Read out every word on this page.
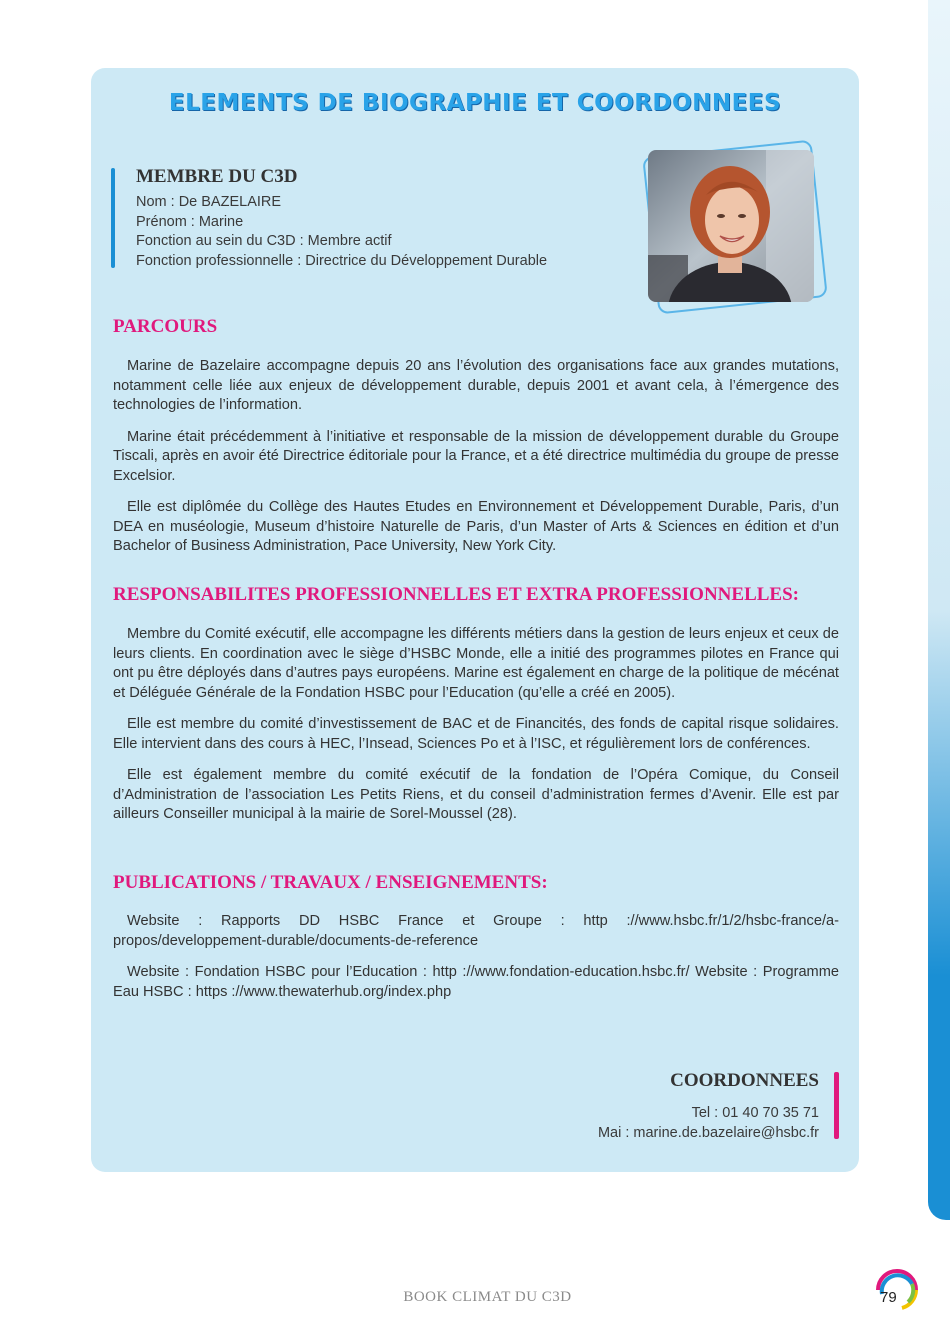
ELEMENTS DE BIOGRAPHIE ET COORDONNEES
MEMBRE DU C3D
Nom : De BAZELAIRE
Prénom : Marine
Fonction au sein du C3D : Membre actif
Fonction professionnelle : Directrice du Développement Durable
PARCOURS

Marine de Bazelaire accompagne depuis 20 ans l’évolution des organisations face aux grandes mutations, notamment celle liée aux enjeux de développement durable, depuis 2001 et avant cela, à l’émergence des technologies de l’information.

Marine était précédemment à l’initiative et responsable de la mission de développement durable du Groupe Tiscali, après en avoir été Directrice éditoriale pour la France, et a été directrice multimédia du groupe de presse Excelsior.

Elle est diplômée du Collège des Hautes Etudes en Environnement et Développement Durable, Paris, d’un DEA en muséologie, Museum d’histoire Naturelle de Paris, d’un Master of Arts & Sciences en édition et d’un Bachelor of Business Administration, Pace University, New York City.

RESPONSABILITES PROFESSIONNELLES ET EXTRA PROFESSIONNELLES:

Membre du Comité exécutif, elle accompagne les différents métiers dans la gestion de leurs enjeux et ceux de leurs clients. En coordination avec le siège d’HSBC Monde, elle a initié des programmes pilotes en France qui ont pu être déployés dans d’autres pays européens. Marine est également en charge de la politique de mécénat et Déléguée Générale de la Fondation HSBC pour l’Education (qu’elle a créé en 2005).

Elle est membre du comité d’investissement de BAC et de Financités, des fonds de capital risque solidaires. Elle intervient dans des cours à HEC, l’Insead, Sciences Po et à l’ISC, et régulièrement lors de conférences.

Elle est également membre du comité exécutif de la fondation de l’Opéra Comique, du Conseil d’Administration de l’association Les Petits Riens, et du conseil d’administration fermes d’Avenir. Elle est par ailleurs Conseiller municipal à la mairie de Sorel-Moussel (28).

PUBLICATIONS / TRAVAUX / ENSEIGNEMENTS:

Website : Rapports DD HSBC France et Groupe : http ://www.hsbc.fr/1/2/hsbc-france/a-propos/developpement-durable/documents-de-reference

Website : Fondation HSBC pour l’Education : http ://www.fondation-education.hsbc.fr/ Website : Programme Eau HSBC : https ://www.thewaterhub.org/index.php

COORDONNEES
Tel : 01 40 70 35 71
Mai : marine.de.bazelaire@hsbc.fr
BOOK CLIMAT DU C3D	79
